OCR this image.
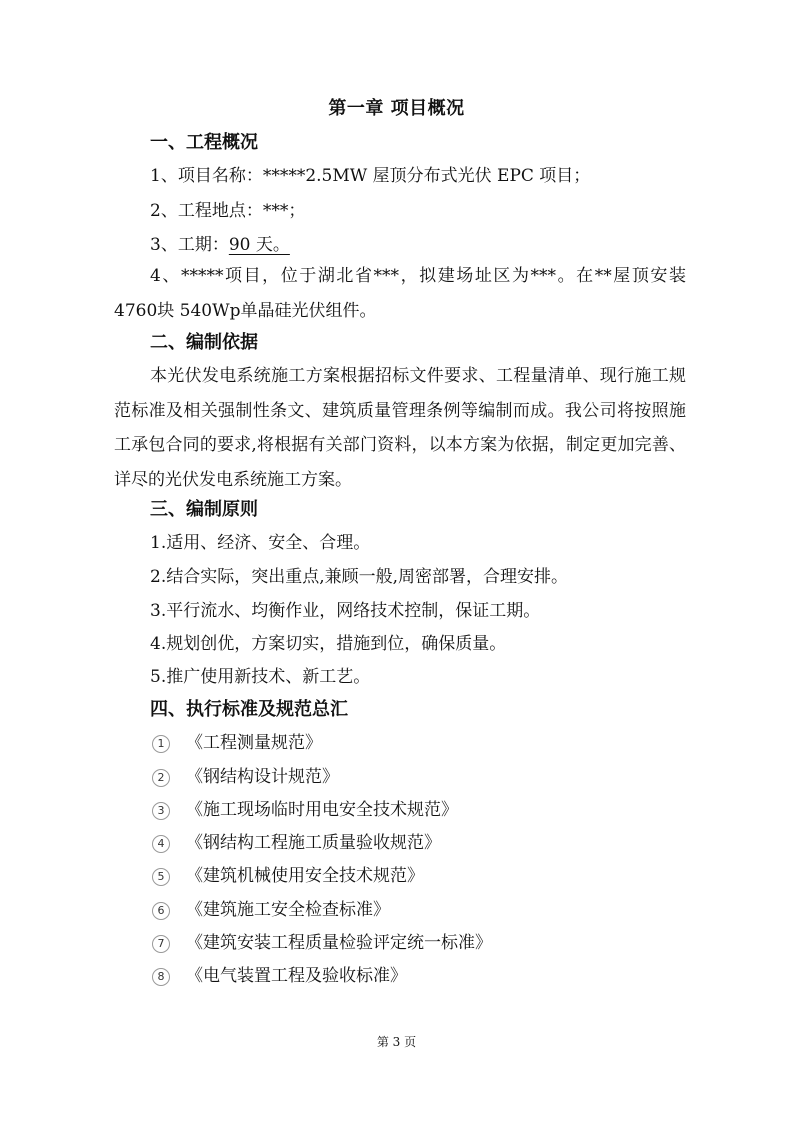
第一章 项目概况
一、工程概况
1、项目名称：*****2.5MW 屋顶分布式光伏 EPC 项目；
2、工程地点：***；
3、工期：90 天。
4、*****项目，位于湖北省***，拟建场址区为***。在**屋顶安装4760块 540Wp单晶硅光伏组件。
二、编制依据
本光伏发电系统施工方案根据招标文件要求、工程量清单、现行施工规范标准及相关强制性条文、建筑质量管理条例等编制而成。我公司将按照施工承包合同的要求,将根据有关部门资料，以本方案为依据，制定更加完善、详尽的光伏发电系统施工方案。
三、编制原则
1.适用、经济、安全、合理。
2.结合实际，突出重点,兼顾一般,周密部署，合理安排。
3.平行流水、均衡作业，网络技术控制，保证工期。
4.规划创优，方案切实，措施到位，确保质量。
5.推广使用新技术、新工艺。
四、执行标准及规范总汇
1 《工程测量规范》
2 《钢结构设计规范》
3 《施工现场临时用电安全技术规范》
4 《钢结构工程施工质量验收规范》
5 《建筑机械使用安全技术规范》
6 《建筑施工安全检查标准》
7 《建筑安装工程质量检验评定统一标准》
8 《电气装置工程及验收标准》
第 3 页
